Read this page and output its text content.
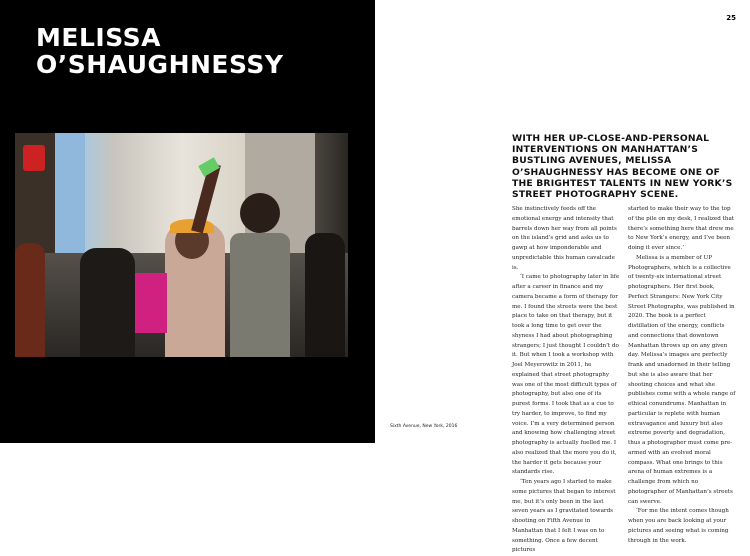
MELISSA
O’SHAUGHNESSY
25
WITH HER UP-CLOSE-AND-PERSONAL INTERVENTIONS ON MANHATTAN’S BUSTLING AVENUES, MELISSA O’SHAUGHNESSY HAS BECOME ONE OF THE BRIGHTEST TALENTS IN NEW YORK’S STREET PHOTOGRAPHY SCENE.

She instinctively feeds off the emotional energy and intensity that barrels down her way from all points on the island’s grid and asks us to gawp at how imponderable and unpredictable this human cavalcade is.

‘I came to photography later in life after a career in finance and my camera became a form of therapy for me. I found the streets were the best place to take on that therapy, but it took a long time to get over the shyness I had about photographing strangers; I just thought I couldn’t do it. But when I took a workshop with Joel Meyerowitz in 2011, he explained that street photography was one of the most difficult types of photography, but also one of its purest forms. I took that as a cue to try harder, to improve, to find my voice. I’m a very determined person and knowing how challenging street photography is actually fuelled me. I also realized that the more you do it, the harder it gets because your standards rise.

‘Ten years ago I started to make some pictures that began to interest me, but it’s only been in the last seven years as I gravitated towards shooting on Fifth Avenue in Manhattan that I felt I was on to something. Once a few decent pictures

started to make their way to the top of the pile on my desk, I realized that there’s something here that drew me to New York’s energy, and I’ve been doing it ever since.’

Melissa is a member of UP Photographers, which is a collective of twenty-six international street photographers. Her first book, Perfect Strangers: New York City Street Photographs, was published in 2020. The book is a perfect distillation of the energy, conflicts and connections that downtown Manhattan throws up on any given day. Melissa’s images are perfectly frank and unadorned in their telling but she is also aware that her shooting choices and what she publishes come with a whole range of ethical conundrums. Manhattan in particular is replete with human extravagance and luxury but also extreme poverty and degradation, thus a photographer must come pre-armed with an evolved moral compass. What one brings to this arena of human extremes is a challenge from which no photographer of Manhattan’s streets can swerve.

‘For me the intent comes though when you are back looking at your pictures and seeing what is coming through in the work.

Sixth Avenue, New York, 2016
